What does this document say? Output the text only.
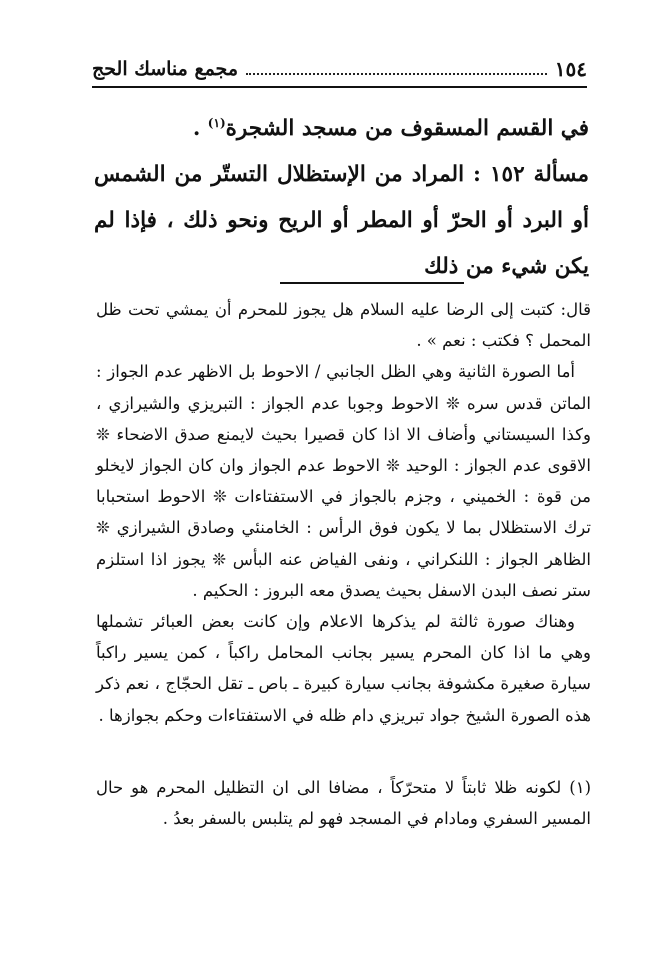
١٥٤
مجمع مناسك الحج

في القسم المسقوف من مسجد الشجرة$^{(١)}$ .

مسألة ١٥٢ : المراد من الإستظلال التستّر من الشمس أو البرد أو الحرّ أو المطر أو الريح ونحو ذلك ، فإذا لم يكن شيء من ذلك

قال: كتبت إلى الرضا عليه السلام هل يجوز للمحرم أن يمشي تحت ظل المحمل ؟ فكتب : نعم » .

أما الصورة الثانية وهي الظل الجانبي / الاحوط بل الاظهر عدم الجواز : الماتن قدس سره ❊ الاحوط وجوبا عدم الجواز : التبريزي والشيرازي ، وكذا السيستاني وأضاف الا اذا كان قصيرا بحيث لايمنع صدق الاضحاء ❊ الاقوى عدم الجواز : الوحيد ❊ الاحوط عدم الجواز وان كان الجواز لايخلو من قوة : الخميني ، وجزم بالجواز في الاستفتاءات ❊ الاحوط استحبابا ترك الاستظلال بما لا يكون فوق الرأس : الخامنئي وصادق الشيرازي ❊ الظاهر الجواز : اللنكراني ، ونفى الفياض عنه البأس ❊ يجوز اذا استلزم ستر نصف البدن الاسفل بحيث يصدق معه البروز : الحكيم .

وهناك صورة ثالثة لم يذكرها الاعلام وإن كانت بعض العبائر تشملها وهي ما اذا كان المحرم يسير بجانب المحامل راكباً ، كمن يسير راكباً سيارة صغيرة مكشوفة بجانب سيارة كبيرة ـ باص ـ تقل الحجّاج ، نعم ذكر هذه الصورة الشيخ جواد تبريزي دام ظله في الاستفتاءات وحكم بجوازها .

(١) لكونه ظلا ثابتاً لا متحرّكاً ، مضافا الى ان التظليل المحرم هو حال المسير السفري ومادام في المسجد فهو لم يتلبس بالسفر بعدُ .
